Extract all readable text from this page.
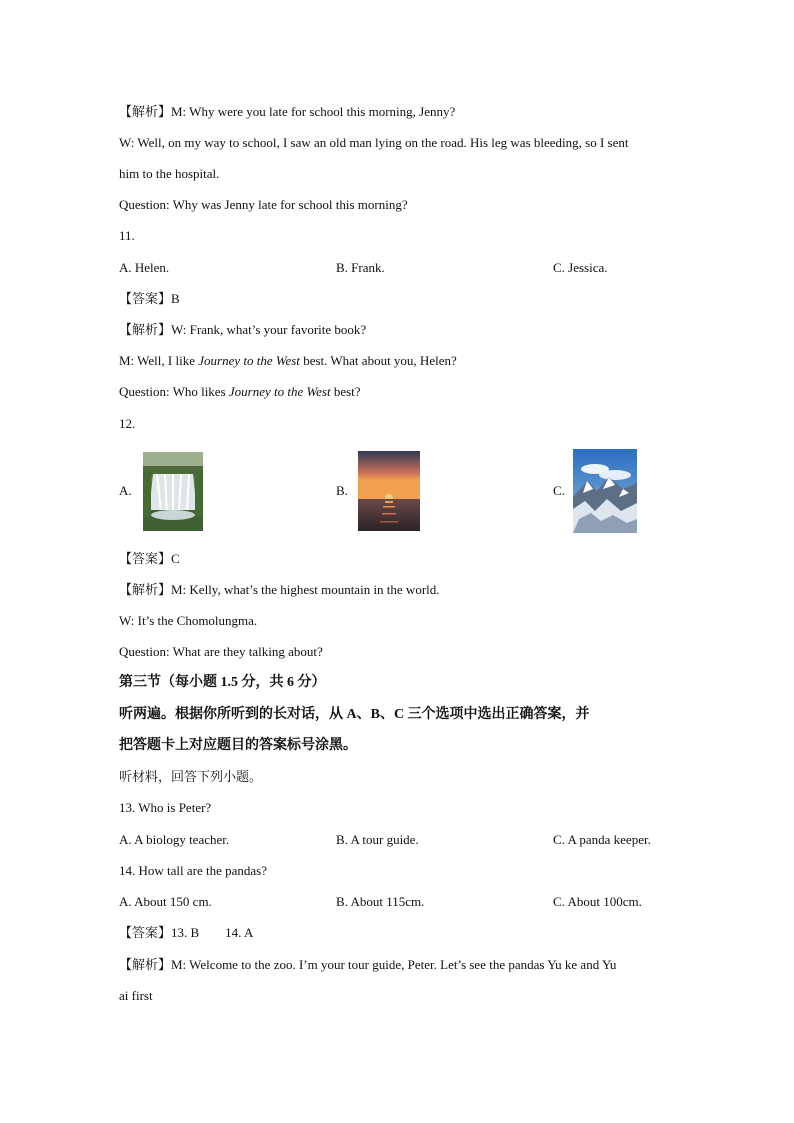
【解析】M: Why were you late for school this morning, Jenny?
W: Well, on my way to school, I saw an old man lying on the road. His leg was bleeding, so I sent
him to the hospital.
Question: Why was Jenny late for school this morning?
11.
A. Helen.	B. Frank.	C. Jessica.
【答案】B
【解析】W: Frank, what’s your favorite book?
M: Well, I like Journey to the West best. What about you, Helen?
Question: Who likes Journey to the West best?
12.
A.	B.	C.
【答案】C
【解析】M: Kelly, what’s the highest mountain in the world.
W: It’s the Chomolungma.
Question: What are they talking about?
第三节（每小题 1.5 分，共 6 分）
听两遍。根据你所听到的长对话，从 A、B、C 三个选项中选出正确答案，并
把答题卡上对应题目的答案标号涂黑。
听材料，回答下列小题。
13. Who is Peter?
A. A biology teacher.	B. A tour guide.	C. A panda keeper.
14. How tall are the pandas?
A. About 150 cm.	B. About 115cm.	C. About 100cm.
【答案】13. B 14. A
【解析】M: Welcome to the zoo. I’m your tour guide, Peter. Let’s see the pandas Yu ke and Yu
ai first
